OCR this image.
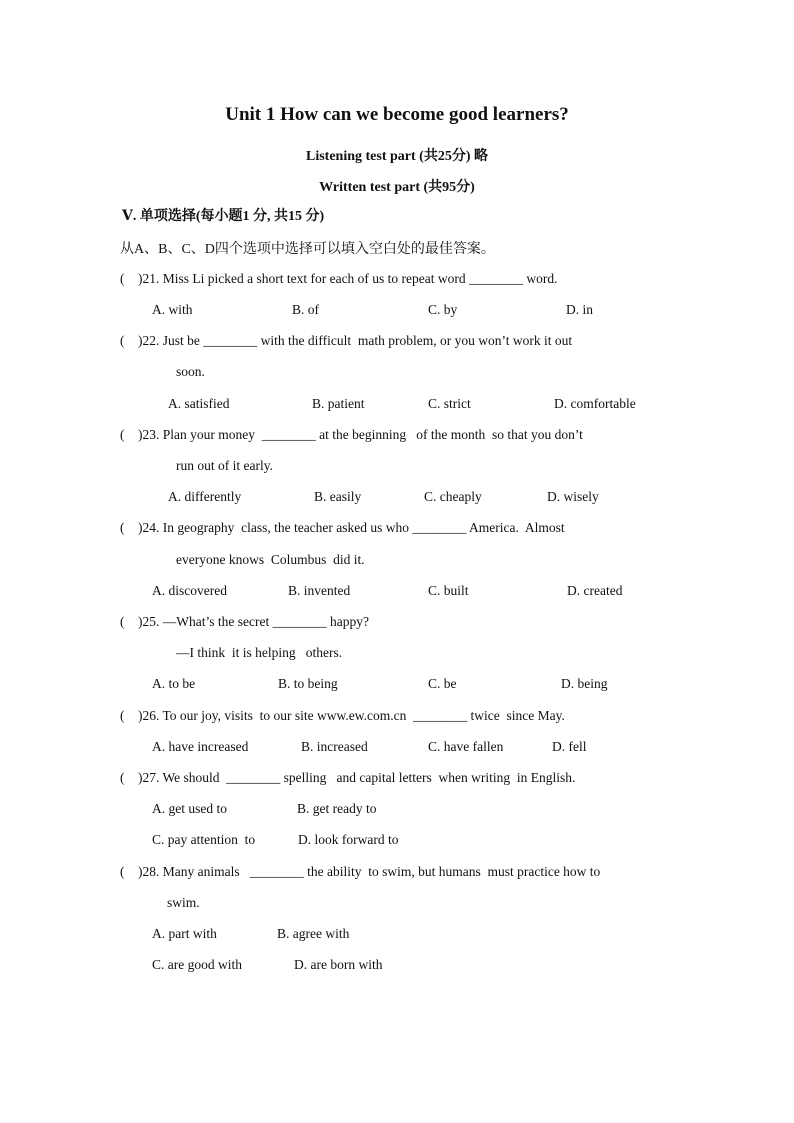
Unit 1 How can we become good learners?
Listening test part (共25分) 略
Written test part (共95分)
Ⅴ. 单项选择(每小题1 分, 共15 分)
从A、B、C、D四个选项中选择可以填入空白处的最佳答案。
(    )21. Miss Li picked a short text for each of us to repeat word ________ word.
A. with	B. of	C. by	D. in
(    )22. Just be ________ with the difficult  math problem, or you won’t work it out
soon.
A. satisfied	B. patient	C. strict	D. comfortable
(    )23. Plan your money  ________ at the beginning   of the month  so that you don’t
run out of it early.
A. differently	B. easily	C. cheaply	D. wisely
(    )24. In geography  class, the teacher asked us who ________ America.  Almost
everyone knows  Columbus  did it.
A. discovered	B. invented	C. built	D. created
(    )25. —What’s the secret ________ happy?
—I think  it is helping   others.
A. to be	B. to being	C. be	D. being
(    )26. To our joy, visits  to our site www.ew.com.cn  ________ twice  since May.
A. have increased	B. increased	C. have fallen	D. fell
(    )27. We should  ________ spelling   and capital letters  when writing  in English.
A. get used to	B. get ready to
C. pay attention  to	D. look forward to
(    )28. Many animals   ________ the ability  to swim, but humans  must practice how to
swim.
A. part with	B. agree with
C. are good with	D. are born with
